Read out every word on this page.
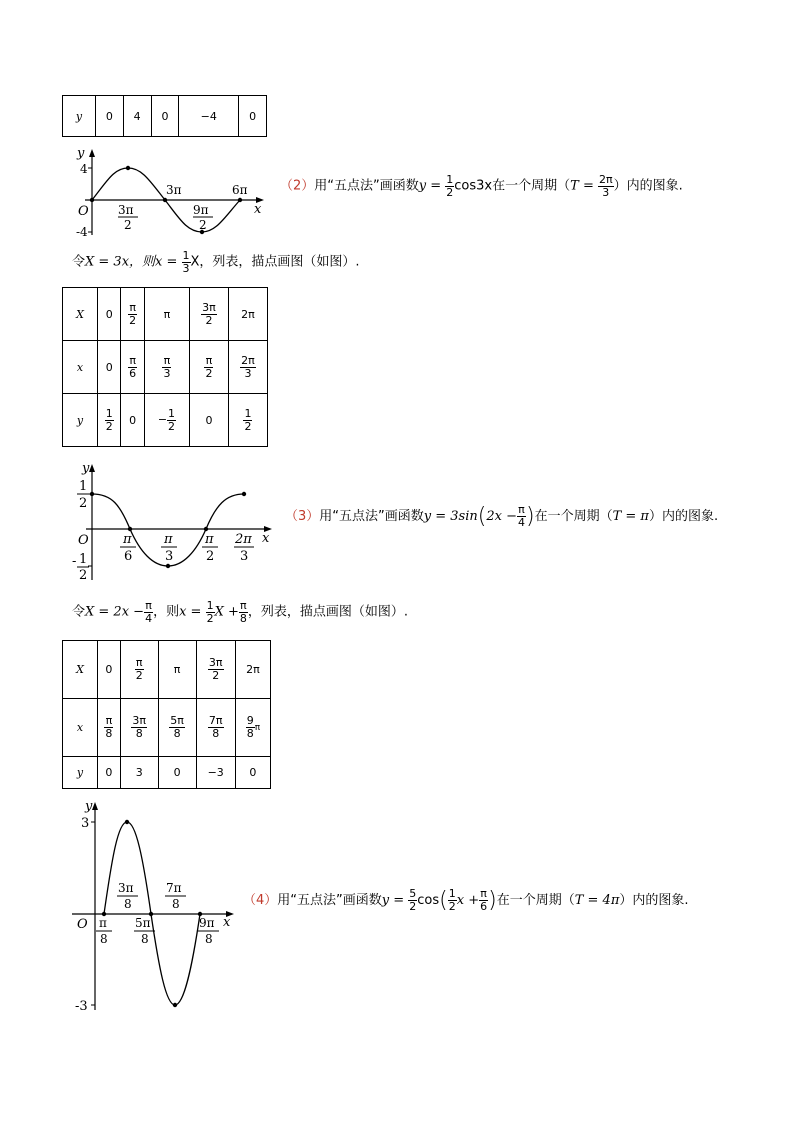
y	0	4	0	−4	0
y
x
O
4
-4
3π	6π
3π
2
9π
2
（2）用“五点法”画函数$y = \frac{1}{2} \cos 3x$在一个周期（$T = \frac{2\pi}{3}$ ）内的图象.
令X = 3x，则$x = \frac{1}{3}$ X，列表，描点画图（如图）.
X	0	$\frac{\pi}{2}$	π	$\frac{3\pi}{2}$	2π
x	0	$\frac{\pi}{6}$	$\frac{\pi}{3}$	$\frac{\pi}{2}$	$\frac{2\pi}{3}$

y	$\frac{1}{2}$	0	− $\frac{1}{2}$	0	$\frac{1}{2}$
y
x
O
1
2
- 1
2
π
6
π
3
π
2
2π
3
（3）用“五点法”画函数$y = 3\sin(2x - \frac{\pi}{4}$ )在一个周期（T = π）内的图象.
令$X = 2x - \frac{\pi}{4}$ ，则$x = \frac{1}{2}$ $X + \frac{\pi}{8}$ ，列表，描点画图（如图）.
X	0	$\frac{\pi}{2}$	π	$\frac{3\pi}{2}$	2π
x	$\frac{\pi}{8}$	$\frac{3\pi}{8}$	$\frac{5\pi}{8}$	$\frac{7\pi}{8}$	$\frac{9}{8}$ π
y	0	3	0	−3	0
y
x
O
3
-3
3π
8
7π
8
π
8
5π
8
9π
8
（4）用“五点法”画函数$y = \frac{5}{2} \cos( \frac{1}{2}$ $x + \frac{\pi}{6}$ )在一个周期（T = 4π）内的图象.
